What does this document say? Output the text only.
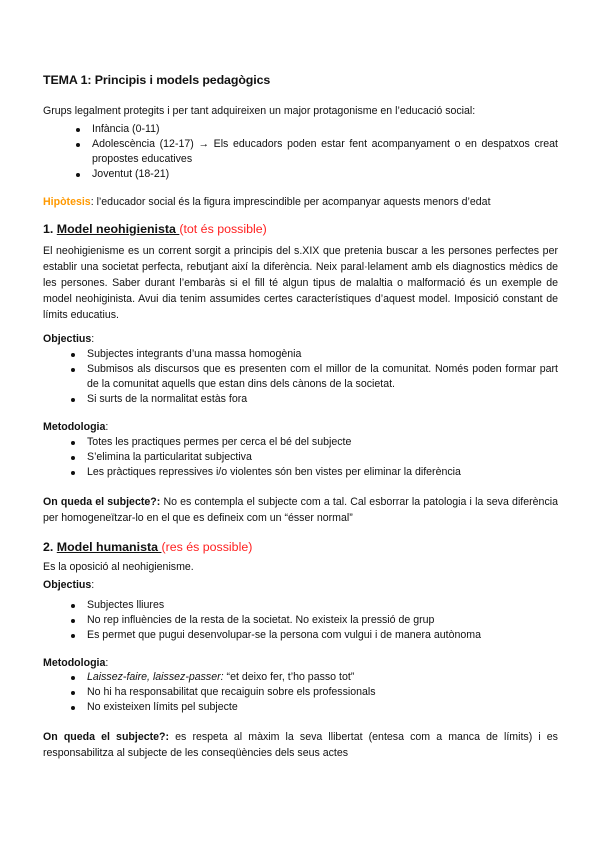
TEMA 1: Principis i models pedagògics
Grups legalment protegits i per tant adquireixen un major protagonisme en l’educació social:
Infància (0-11)
Adolescència (12-17) → Els educadors poden estar fent acompanyament o en despatxos creat propostes educatives
Joventut (18-21)
Hipòtesis: l’educador social és la figura imprescindible per acompanyar aquests menors d’edat
1. Model neohigienista (tot és possible)
El neohigienisme es un corrent sorgit a principis del s.XIX que pretenia buscar a les persones perfectes per establir una societat perfecta, rebutjant així la diferència. Neix paral·lelament amb els diagnostics mèdics de les persones. Saber durant l’embaràs si el fill té algun tipus de malaltia o malformació és un exemple de model neohiginista. Avui dia tenim assumides certes característiques d’aquest model. Imposició constant de límits educatius.
Objectius:
Subjectes integrants d’una massa homogènia
Submisos als discursos que es presenten com el millor de la comunitat. Només poden formar part de la comunitat aquells que estan dins dels cànons de la societat.
Si surts de la normalitat estàs fora
Metodologia:
Totes les practiques permes per cerca el bé del subjecte
S’elimina la particularitat subjectiva
Les pràctiques repressives i/o violentes són ben vistes per eliminar la diferència
On queda el subjecte?: No es contempla el subjecte com a tal. Cal esborrar la patologia i la seva diferència per homogeneïtzar-lo en el que es defineix com un “ésser normal”
2. Model humanista (res és possible)
Es la oposició al neohigienisme.
Objectius:
Subjectes lliures
No rep influències de la resta de la societat. No existeix la pressió de grup
Es permet que pugui desenvolupar-se la persona com vulgui i de manera autònoma
Metodologia:
Laissez-faire, laissez-passer: “et deixo fer, t’ho passo tot”
No hi ha responsabilitat que recaiguin sobre els professionals
No existeixen límits pel subjecte
On queda el subjecte?: es respeta al màxim la seva llibertat (entesa com a manca de límits) i es responsabilitza al subjecte de les conseqüències dels seus actes
